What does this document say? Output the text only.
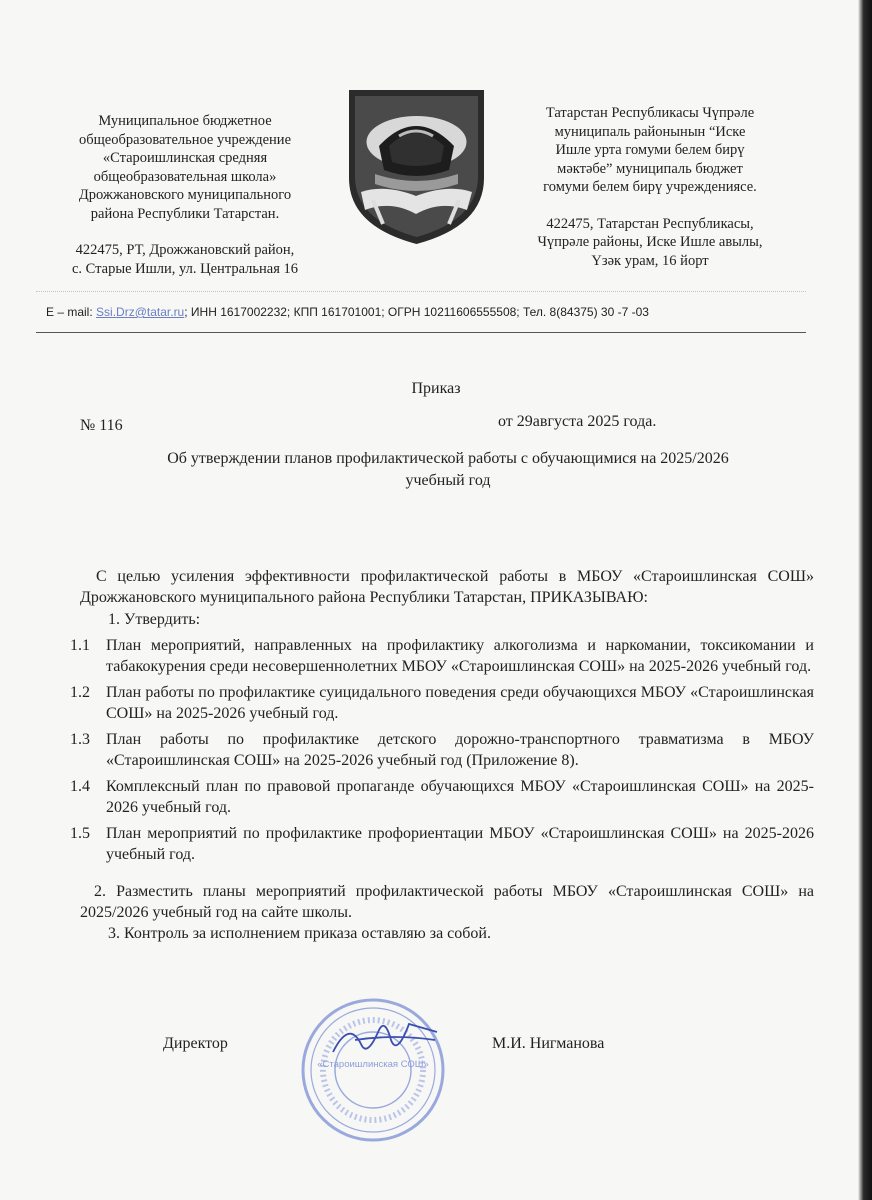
Муниципальное бюджетное
общеобразовательное учреждение
«Староишлинская средняя
общеобразовательная школа»
Дрожжановского муниципального
района Республики Татарстан.
422475, РТ, Дрожжановский район,
с. Старые Ишли, ул. Центральная 16
Татарстан Республикасы Чүпрәле
муниципаль районынын “Иске
Ишле урта гомуми белем бирү
мәктәбе” муниципаль бюджет
гомуми белем бирү учреждениясе.
422475, Татарстан Республикасы,
Чүпрәле районы, Иске Ишле авылы,
Үзәк урам, 16 йорт
E – mail: Ssi.Drz@tatar.ru; ИНН 1617002232; КПП 161701001; ОГРН 1021160655550​8; Тел. 8(84375) 30 -7 -03
Приказ
№ 116	от 29августа 2025 года.
Об утверждении планов профилактической работы с обучающимися на 2025/2026
учебный год
С целью усиления эффективности профилактической работы в МБОУ «Староишлинская СОШ» Дрожжановского муниципального района Республики Татарстан, ПРИКАЗЫВАЮ:
1. Утвердить:
1.1	План мероприятий, направленных на профилактику алкоголизма и наркомании, токсикомании и табакокурения среди несовершеннолетних МБОУ «Староишлинская СОШ» на 2025-2026 учебный год.
1.2	План работы по профилактике суицидального поведения среди обучающихся МБОУ «Староишлинская СОШ» на 2025-2026 учебный год.
1.3	План работы по профилактике детского дорожно-транспортного травматизма в МБОУ «Староишлинская СОШ» на 2025-2026 учебный год (Приложение 8).
1.4	Комплексный план по правовой пропаганде обучающихся МБОУ «Староишлинская СОШ» на 2025-2026 учебный год.
1.5	План мероприятий по профилактике профориентации МБОУ «Староишлинская СОШ» на 2025-2026 учебный год.
2. Разместить планы мероприятий профилактической работы МБОУ «Староишлинская СОШ» на 2025/2026 учебный год на сайте школы.
3. Контроль за исполнением приказа оставляю за собой.
«Староишлинская СОШ»
Директор	М.И. Нигманова
